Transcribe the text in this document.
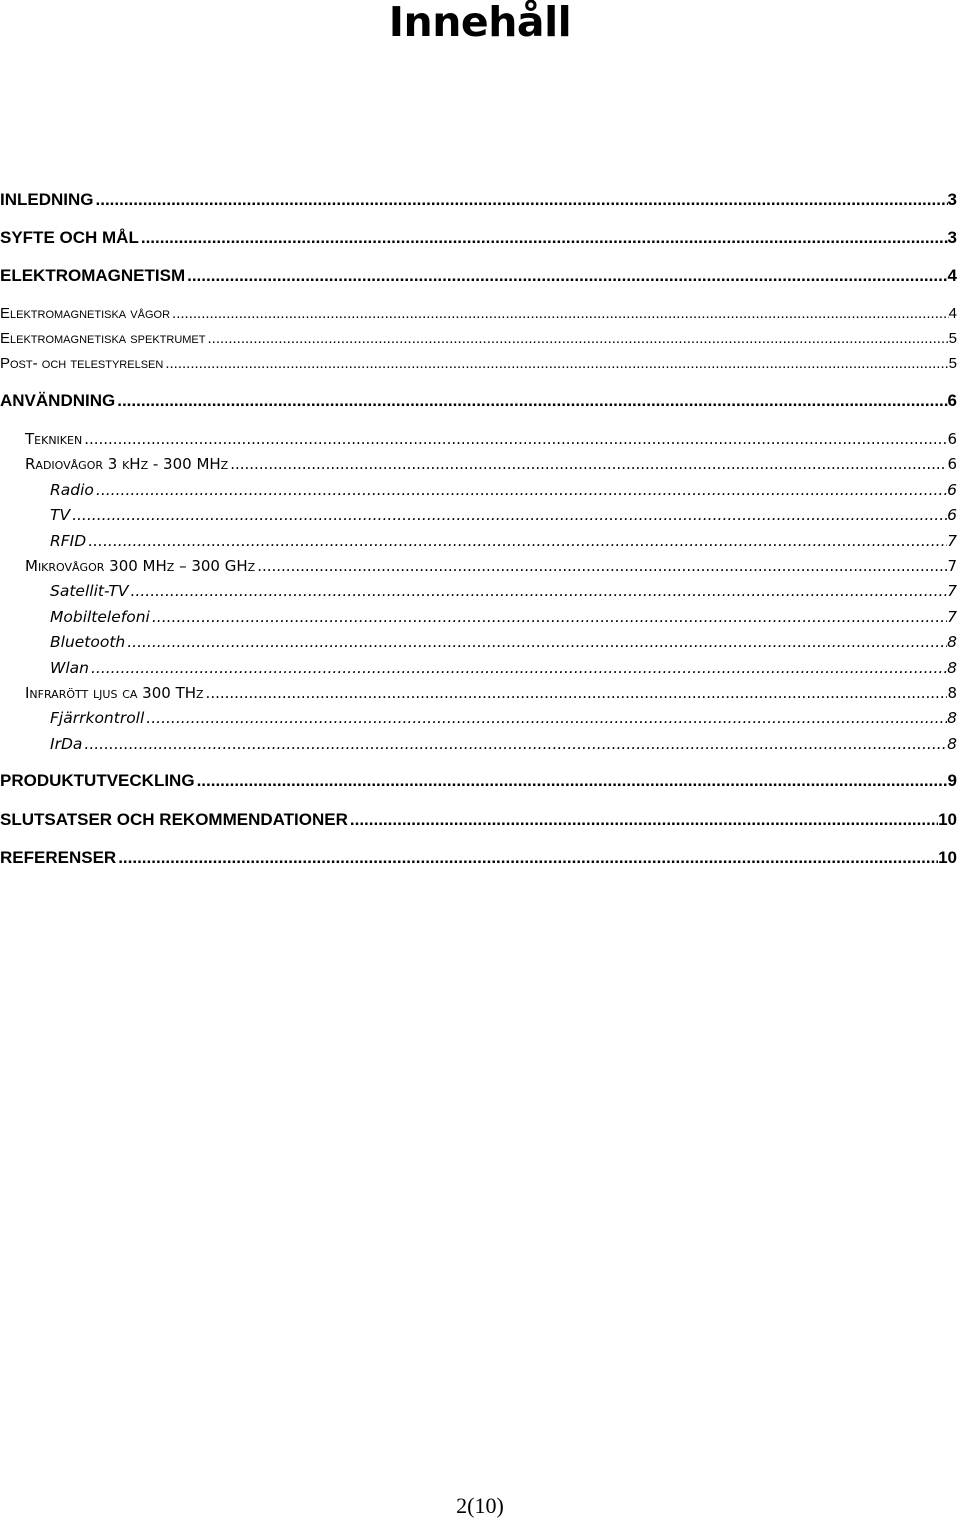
Innehåll
INLEDNING .....	3
SYFTE OCH MÅL .....	3
ELEKTROMAGNETISM .....	4
Elektromagnetiska vågor .....	4
Elektromagnetiska spektrumet .....	5
Post- och telestyrelsen .....	5
ANVÄNDNING .....	6
Tekniken .....	6
Radiovågor 3 kHz - 300 MHz .....	6
Radio .....	6
TV .....	6
RFID .....	7
Mikrovågor 300 MHz – 300 GHz .....	7
Satellit-TV .....	7
Mobiltelefoni .....	7
Bluetooth .....	8
Wlan .....	8
Infrarött ljus ca 300 THz .....	8
Fjärrkontroll .....	8
IrDa .....	8
PRODUKTUTVECKLING .....	9
SLUTSATSER OCH REKOMMENDATIONER .....	10
REFERENSER .....	10
2(10)
